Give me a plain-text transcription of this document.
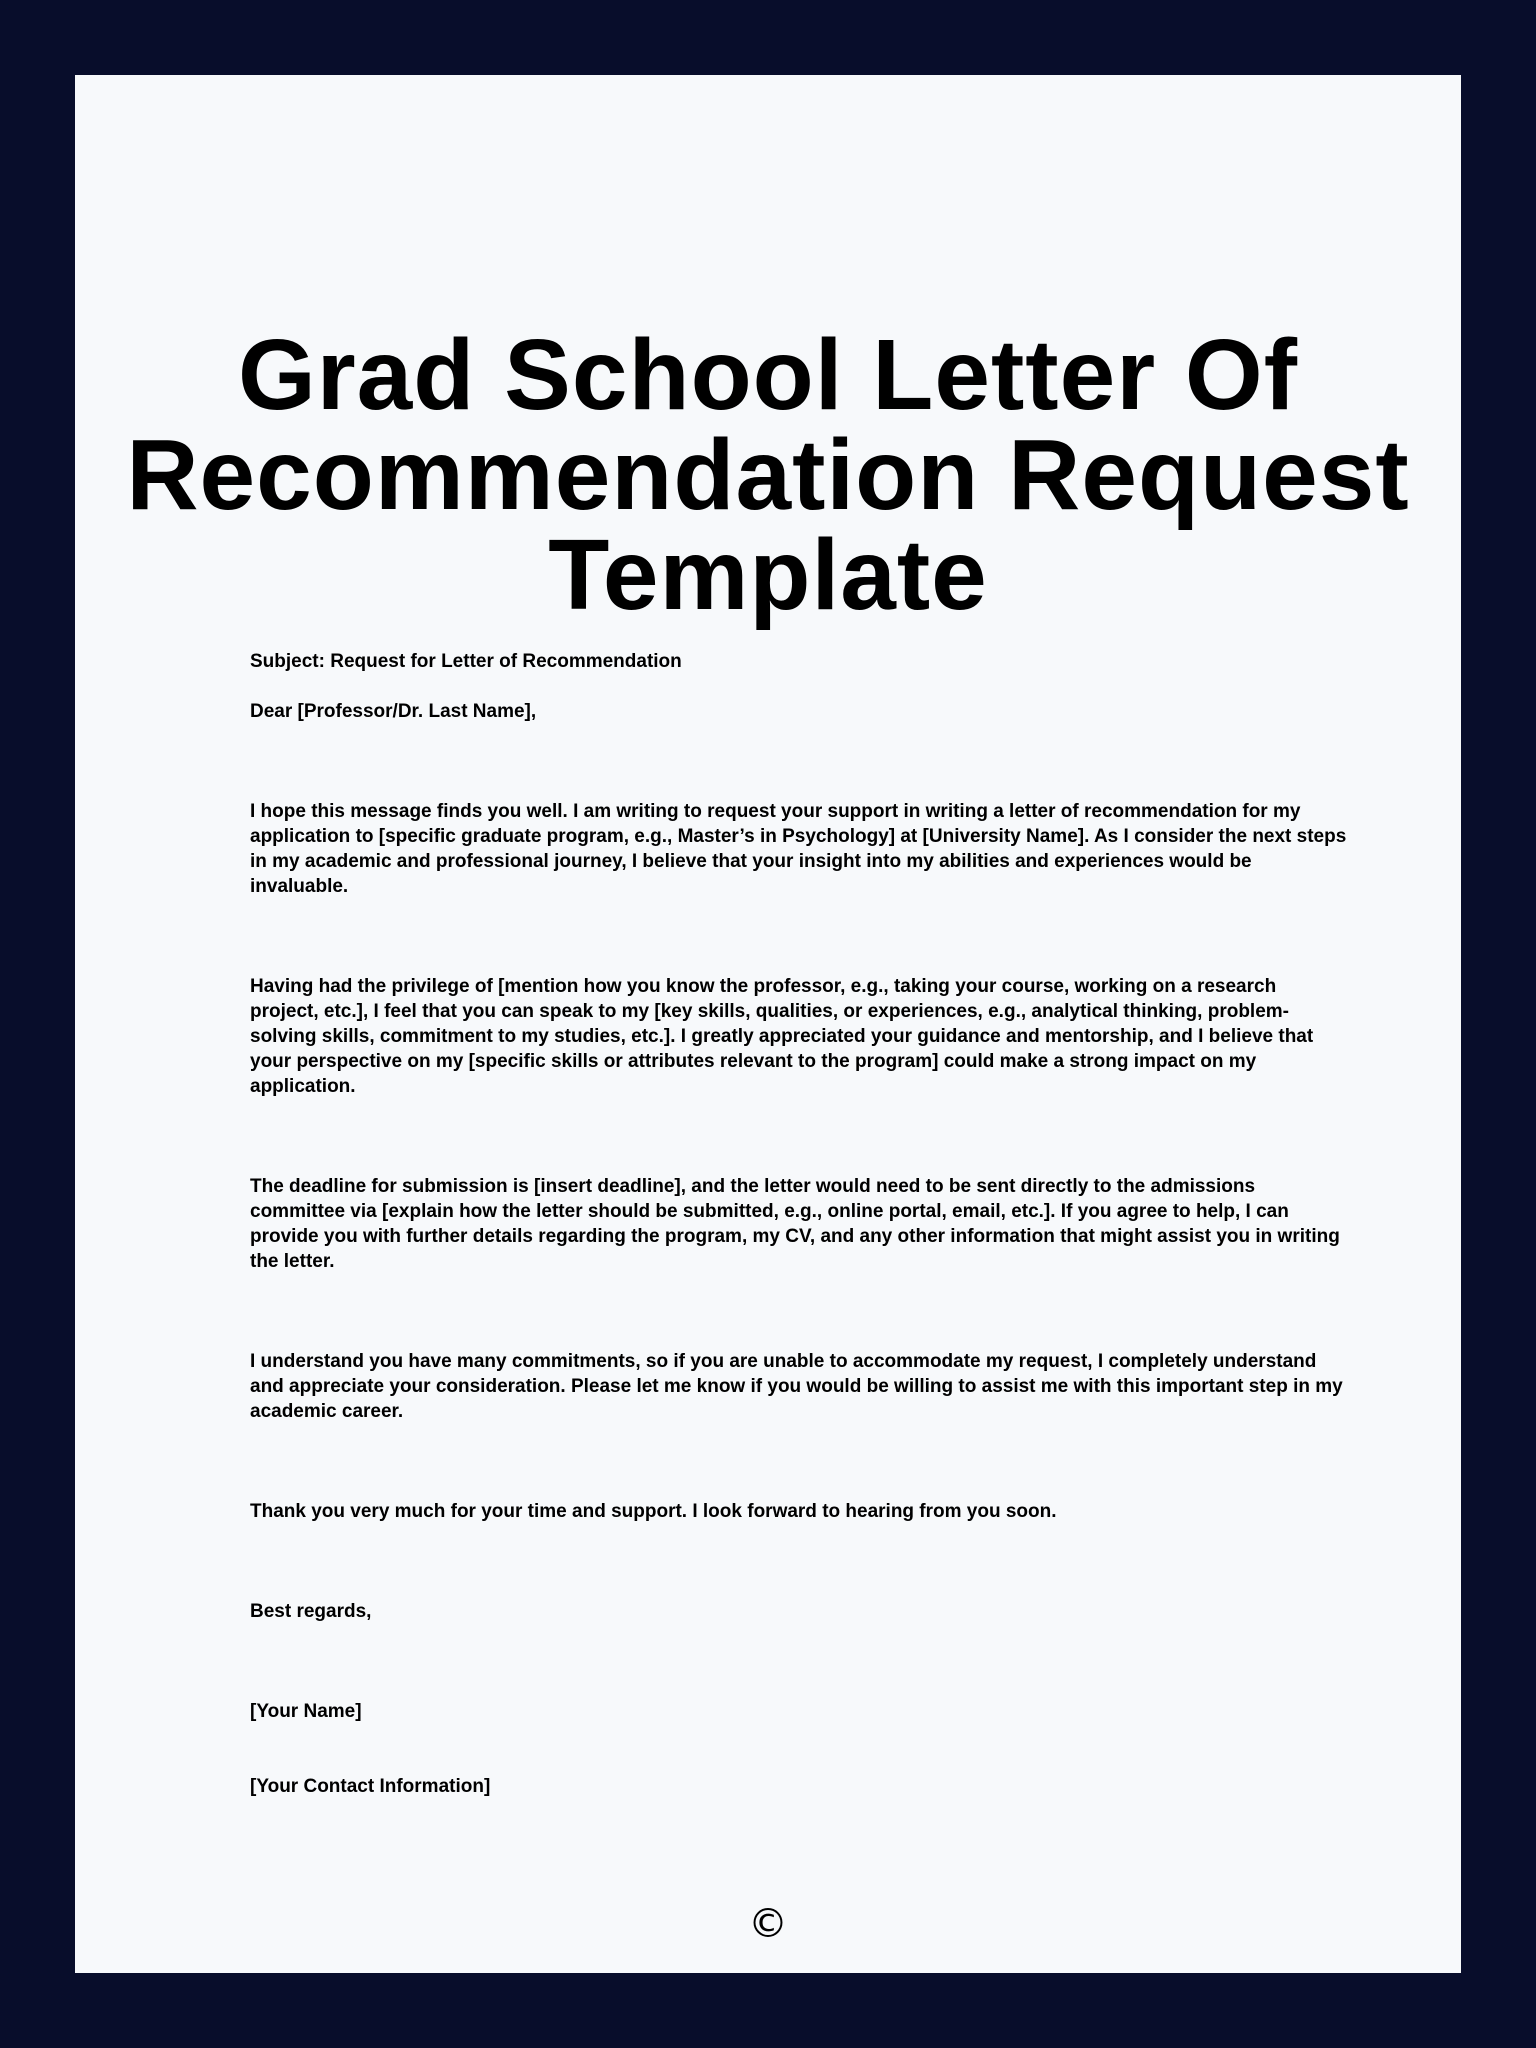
Grad School Letter Of
Recommendation Request
Template

Subject: Request for Letter of Recommendation

Dear [Professor/Dr. Last Name],

I hope this message finds you well. I am writing to request your support in writing a letter of recommendation for my application to [specific graduate program, e.g., Master’s in Psychology] at [University Name]. As I consider the next steps in my academic and professional journey, I believe that your insight into my abilities and experiences would be invaluable.

Having had the privilege of [mention how you know the professor, e.g., taking your course, working on a research project, etc.], I feel that you can speak to my [key skills, qualities, or experiences, e.g., analytical thinking, problem-solving skills, commitment to my studies, etc.]. I greatly appreciated your guidance and mentorship, and I believe that your perspective on my [specific skills or attributes relevant to the program] could make a strong impact on my application.

The deadline for submission is [insert deadline], and the letter would need to be sent directly to the admissions committee via [explain how the letter should be submitted, e.g., online portal, email, etc.]. If you agree to help, I can provide you with further details regarding the program, my CV, and any other information that might assist you in writing the letter.

I understand you have many commitments, so if you are unable to accommodate my request, I completely understand and appreciate your consideration. Please let me know if you would be willing to assist me with this important step in my academic career.

Thank you very much for your time and support. I look forward to hearing from you soon.

Best regards,

[Your Name]

[Your Contact Information]

©
